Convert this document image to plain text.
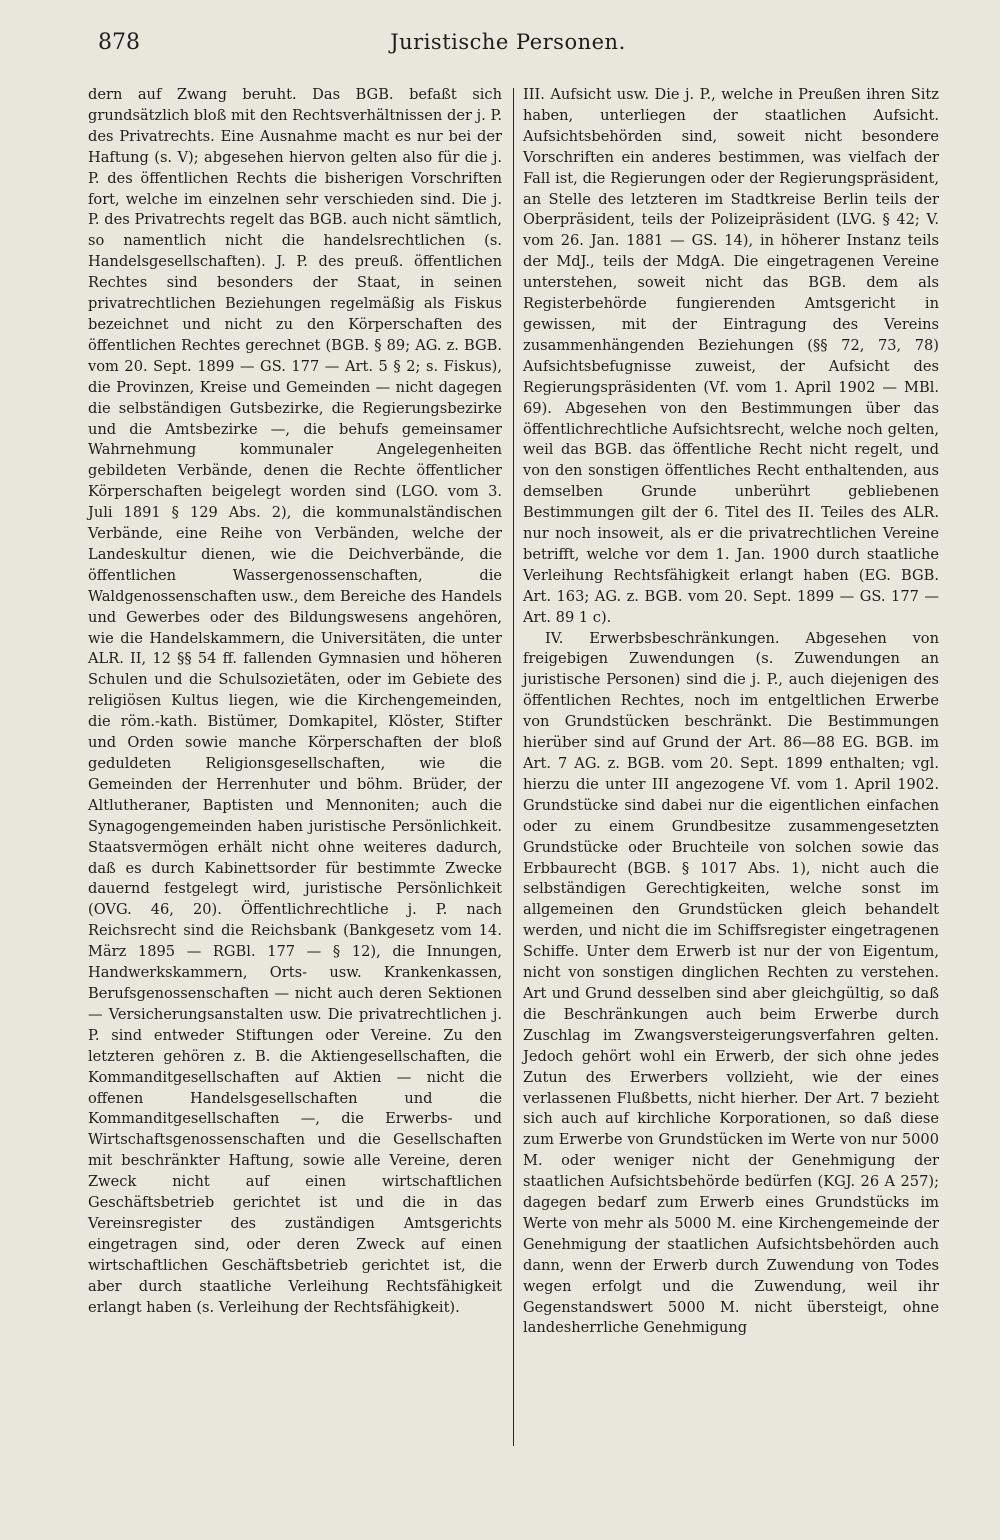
878	Juristische Personen.

dern auf Zwang beruht. Das BGB. befaßt sich grundsätzlich bloß mit den Rechtsverhältnissen der j. P. des Privatrechts. Eine Ausnahme macht es nur bei der Haftung (s. V); abgesehen hiervon gelten also für die j. P. des öffentlichen Rechts die bisherigen Vorschriften fort, welche im einzelnen sehr verschieden sind. Die j. P. des Privatrechts regelt das BGB. auch nicht sämtlich, so namentlich nicht die handelsrechtlichen (s. Handelsgesellschaften). J. P. des preuß. öffentlichen Rechtes sind besonders der Staat, in seinen privatrechtlichen Beziehungen regelmäßig als Fiskus bezeichnet und nicht zu den Körperschaften des öffentlichen Rechtes gerechnet (BGB. § 89; AG. z. BGB. vom 20. Sept. 1899 — GS. 177 — Art. 5 § 2; s. Fiskus), die Provinzen, Kreise und Gemeinden — nicht dagegen die selbständigen Gutsbezirke, die Regierungsbezirke und die Amtsbezirke —, die behufs gemeinsamer Wahrnehmung kommunaler Angelegenheiten gebildeten Verbände, denen die Rechte öffentlicher Körperschaften beigelegt worden sind (LGO. vom 3. Juli 1891 § 129 Abs. 2), die kommunalständischen Verbände, eine Reihe von Verbänden, welche der Landeskultur dienen, wie die Deichverbände, die öffentlichen Wassergenossenschaften, die Waldgenossenschaften usw., dem Bereiche des Handels und Gewerbes oder des Bildungswesens angehören, wie die Handelskammern, die Universitäten, die unter ALR. II, 12 §§ 54 ff. fallenden Gymnasien und höheren Schulen und die Schulsozietäten, oder im Gebiete des religiösen Kultus liegen, wie die Kirchengemeinden, die röm.-kath. Bistümer, Domkapitel, Klöster, Stifter und Orden sowie manche Körperschaften der bloß geduldeten Religionsgesellschaften, wie die Gemeinden der Herrenhuter und böhm. Brüder, der Altlutheraner, Baptisten und Mennoniten; auch die Synagogengemeinden haben juristische Persönlichkeit. Staatsvermögen erhält nicht ohne weiteres dadurch, daß es durch Kabinettsorder für bestimmte Zwecke dauernd festgelegt wird, juristische Persönlichkeit (OVG. 46, 20). Öffentlichrechtliche j. P. nach Reichsrecht sind die Reichsbank (Bankgesetz vom 14. März 1895 — RGBl. 177 — § 12), die Innungen, Handwerkskammern, Orts- usw. Krankenkassen, Berufsgenossenschaften — nicht auch deren Sektionen — Versicherungsanstalten usw. Die privatrechtlichen j. P. sind entweder Stiftungen oder Vereine. Zu den letzteren gehören z. B. die Aktiengesellschaften, die Kommanditgesellschaften auf Aktien — nicht die offenen Handelsgesellschaften und die Kommanditgesellschaften —, die Erwerbs- und Wirtschaftsgenossenschaften und die Gesellschaften mit beschränkter Haftung, sowie alle Vereine, deren Zweck nicht auf einen wirtschaftlichen Geschäftsbetrieb gerichtet ist und die in das Vereinsregister des zuständigen Amtsgerichts eingetragen sind, oder deren Zweck auf einen wirtschaftlichen Geschäftsbetrieb gerichtet ist, die aber durch staatliche Verleihung Rechtsfähigkeit erlangt haben (s. Verleihung der Rechtsfähigkeit).

III. Aufsicht usw. Die j. P., welche in Preußen ihren Sitz haben, unterliegen der staatlichen Aufsicht. Aufsichtsbehörden sind, soweit nicht besondere Vorschriften ein anderes bestimmen, was vielfach der Fall ist, die Regierungen oder der Regierungspräsident, an Stelle des letzteren im Stadtkreise Berlin teils der Oberpräsident, teils der Polizeipräsident (LVG. § 42; V. vom 26. Jan. 1881 — GS. 14), in höherer Instanz teils der MdJ., teils der MdgA. Die eingetragenen Vereine unterstehen, soweit nicht das BGB. dem als Registerbehörde fungierenden Amtsgericht in gewissen, mit der Eintragung des Vereins zusammenhängenden Beziehungen (§§ 72, 73, 78) Aufsichtsbefugnisse zuweist, der Aufsicht des Regierungspräsidenten (Vf. vom 1. April 1902 — MBl. 69). Abgesehen von den Bestimmungen über das öffentlichrechtliche Aufsichtsrecht, welche noch gelten, weil das BGB. das öffentliche Recht nicht regelt, und von den sonstigen öffentliches Recht enthaltenden, aus demselben Grunde unberührt gebliebenen Bestimmungen gilt der 6. Titel des II. Teiles des ALR. nur noch insoweit, als er die privatrechtlichen Vereine betrifft, welche vor dem 1. Jan. 1900 durch staatliche Verleihung Rechtsfähigkeit erlangt haben (EG. BGB. Art. 163; AG. z. BGB. vom 20. Sept. 1899 — GS. 177 — Art. 89 1 c).

IV. Erwerbsbeschränkungen. Abgesehen von freigebigen Zuwendungen (s. Zuwendungen an juristische Personen) sind die j. P., auch diejenigen des öffentlichen Rechtes, noch im entgeltlichen Erwerbe von Grundstücken beschränkt. Die Bestimmungen hierüber sind auf Grund der Art. 86—88 EG. BGB. im Art. 7 AG. z. BGB. vom 20. Sept. 1899 enthalten; vgl. hierzu die unter III angezogene Vf. vom 1. April 1902. Grundstücke sind dabei nur die eigentlichen einfachen oder zu einem Grundbesitze zusammengesetzten Grundstücke oder Bruchteile von solchen sowie das Erbbaurecht (BGB. § 1017 Abs. 1), nicht auch die selbständigen Gerechtigkeiten, welche sonst im allgemeinen den Grundstücken gleich behandelt werden, und nicht die im Schiffsregister eingetragenen Schiffe. Unter dem Erwerb ist nur der von Eigentum, nicht von sonstigen dinglichen Rechten zu verstehen. Art und Grund desselben sind aber gleichgültig, so daß die Beschränkungen auch beim Erwerbe durch Zuschlag im Zwangsversteigerungsverfahren gelten. Jedoch gehört wohl ein Erwerb, der sich ohne jedes Zutun des Erwerbers vollzieht, wie der eines verlassenen Flußbetts, nicht hierher. Der Art. 7 bezieht sich auch auf kirchliche Korporationen, so daß diese zum Erwerbe von Grundstücken im Werte von nur 5000 M. oder weniger nicht der Genehmigung der staatlichen Aufsichtsbehörde bedürfen (KGJ. 26 A 257); dagegen bedarf zum Erwerb eines Grundstücks im Werte von mehr als 5000 M. eine Kirchengemeinde der Genehmigung der staatlichen Aufsichtsbehörden auch dann, wenn der Erwerb durch Zuwendung von Todes wegen erfolgt und die Zuwendung, weil ihr Gegenstandswert 5000 M. nicht übersteigt, ohne landesherrliche Genehmigung
